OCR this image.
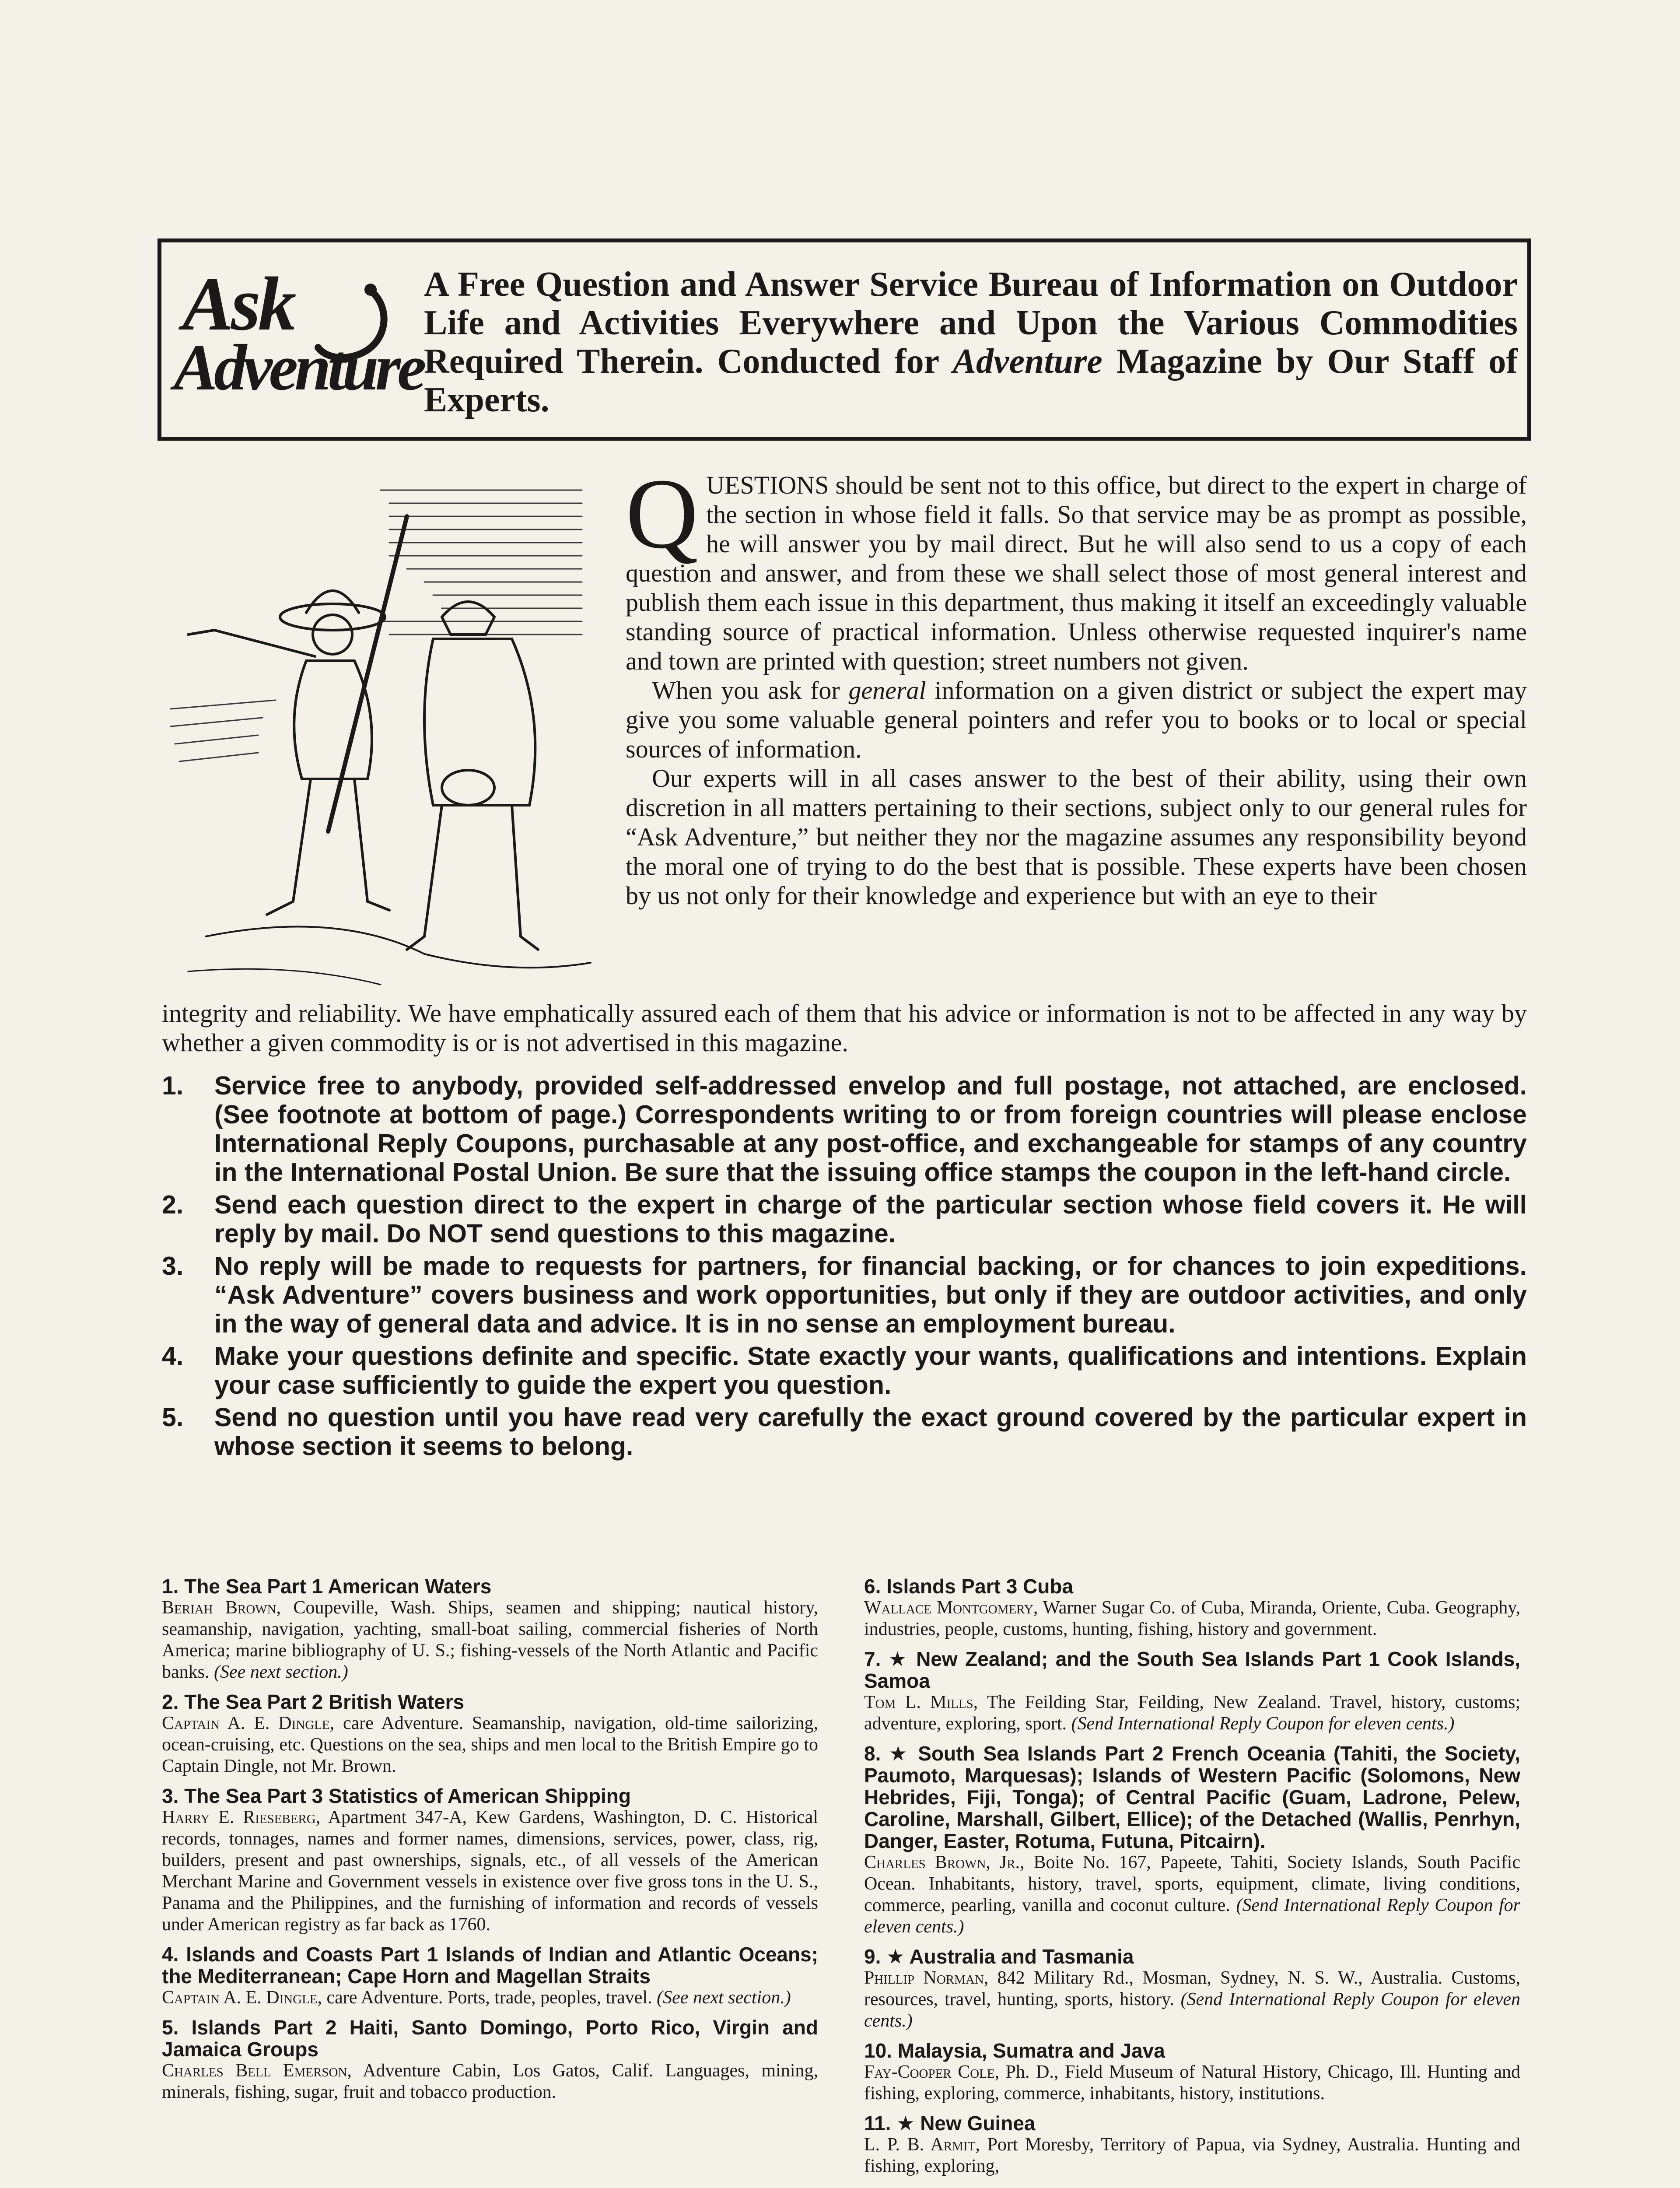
Ask
Adventure
A Free Question and Answer Service Bureau of Information on Outdoor Life and Activities Everywhere and Upon the Various Commodities Required Therein. Conducted for Adventure Magazine by Our Staff of Experts.

Q UESTIONS should be sent not to this office, but direct to the expert in charge of the section in whose field it falls. So that service may be as prompt as possible, he will answer you by mail direct. But he will also send to us a copy of each question and answer, and from these we shall select those of most general interest and publish them each issue in this department, thus making it itself an exceedingly valuable standing source of practical information. Unless otherwise requested inquirer's name and town are printed with question; street numbers not given.

When you ask for general information on a given district or subject the expert may give you some valuable general pointers and refer you to books or to local or special sources of information.

Our experts will in all cases answer to the best of their ability, using their own discretion in all matters pertaining to their sections, subject only to our general rules for “Ask Adventure,” but neither they nor the magazine assumes any responsibility beyond the moral one of trying to do the best that is possible. These experts have been chosen by us not only for their knowledge and experience but with an eye to their

integrity and reliability. We have emphatically assured each of them that his advice or information is not to be affected in any way by whether a given commodity is or is not advertised in this magazine.
1. Service free to anybody, provided self-addressed envelop and full postage, not attached, are enclosed. (See footnote at bottom of page.) Correspondents writing to or from foreign countries will please enclose International Reply Coupons, purchasable at any post-office, and exchangeable for stamps of any country in the International Postal Union. Be sure that the issuing office stamps the coupon in the left-hand circle.
2. Send each question direct to the expert in charge of the particular section whose field covers it. He will reply by mail. Do NOT send questions to this magazine.
3. No reply will be made to requests for partners, for financial backing, or for chances to join expeditions. “Ask Adventure” covers business and work opportunities, but only if they are outdoor activities, and only in the way of general data and advice. It is in no sense an employment bureau.
4. Make your questions definite and specific. State exactly your wants, qualifications and intentions. Explain your case sufficiently to guide the expert you question.
5. Send no question until you have read very carefully the exact ground covered by the particular expert in whose section it seems to belong.
1. The Sea Part 1 American Waters
Beriah Brown, Coupeville, Wash. Ships, seamen and shipping; nautical history, seamanship, navigation, yachting, small-boat sailing, commercial fisheries of North America; marine bibliography of U. S.; fishing-vessels of the North Atlantic and Pacific banks. (See next section.)
2. The Sea Part 2 British Waters
Captain A. E. Dingle, care Adventure. Seamanship, navigation, old-time sailorizing, ocean-cruising, etc. Questions on the sea, ships and men local to the British Empire go to Captain Dingle, not Mr. Brown.
3. The Sea Part 3 Statistics of American Shipping
Harry E. Rieseberg, Apartment 347-A, Kew Gardens, Washington, D. C. Historical records, tonnages, names and former names, dimensions, services, power, class, rig, builders, present and past ownerships, signals, etc., of all vessels of the American Merchant Marine and Government vessels in existence over five gross tons in the U. S., Panama and the Philippines, and the furnishing of information and records of vessels under American registry as far back as 1760.
4. Islands and Coasts Part 1 Islands of Indian and Atlantic Oceans; the Mediterranean; Cape Horn and Magellan Straits
Captain A. E. Dingle, care Adventure. Ports, trade, peoples, travel. (See next section.)
5. Islands Part 2 Haiti, Santo Domingo, Porto Rico, Virgin and Jamaica Groups
Charles Bell Emerson, Adventure Cabin, Los Gatos, Calif. Languages, mining, minerals, fishing, sugar, fruit and tobacco production.
6. Islands Part 3 Cuba
Wallace Montgomery, Warner Sugar Co. of Cuba, Miranda, Oriente, Cuba. Geography, industries, people, customs, hunting, fishing, history and government.
7. ★ New Zealand; and the South Sea Islands Part 1 Cook Islands, Samoa
Tom L. Mills, The Feilding Star, Feilding, New Zealand. Travel, history, customs; adventure, exploring, sport. (Send International Reply Coupon for eleven cents.)
8. ★ South Sea Islands Part 2 French Oceania (Tahiti, the Society, Paumoto, Marquesas); Islands of Western Pacific (Solomons, New Hebrides, Fiji, Tonga); of Central Pacific (Guam, Ladrone, Pelew, Caroline, Marshall, Gilbert, Ellice); of the Detached (Wallis, Penrhyn, Danger, Easter, Rotuma, Futuna, Pitcairn).
Charles Brown, Jr., Boite No. 167, Papeete, Tahiti, Society Islands, South Pacific Ocean. Inhabitants, history, travel, sports, equipment, climate, living conditions, commerce, pearling, vanilla and coconut culture. (Send International Reply Coupon for eleven cents.)
9. ★ Australia and Tasmania
Phillip Norman, 842 Military Rd., Mosman, Sydney, N. S. W., Australia. Customs, resources, travel, hunting, sports, history. (Send International Reply Coupon for eleven cents.)
10. Malaysia, Sumatra and Java
Fay-Cooper Cole, Ph. D., Field Museum of Natural History, Chicago, Ill. Hunting and fishing, exploring, commerce, inhabitants, history, institutions.
11. ★ New Guinea
L. P. B. Armit, Port Moresby, Territory of Papua, via Sydney, Australia. Hunting and fishing, exploring,
